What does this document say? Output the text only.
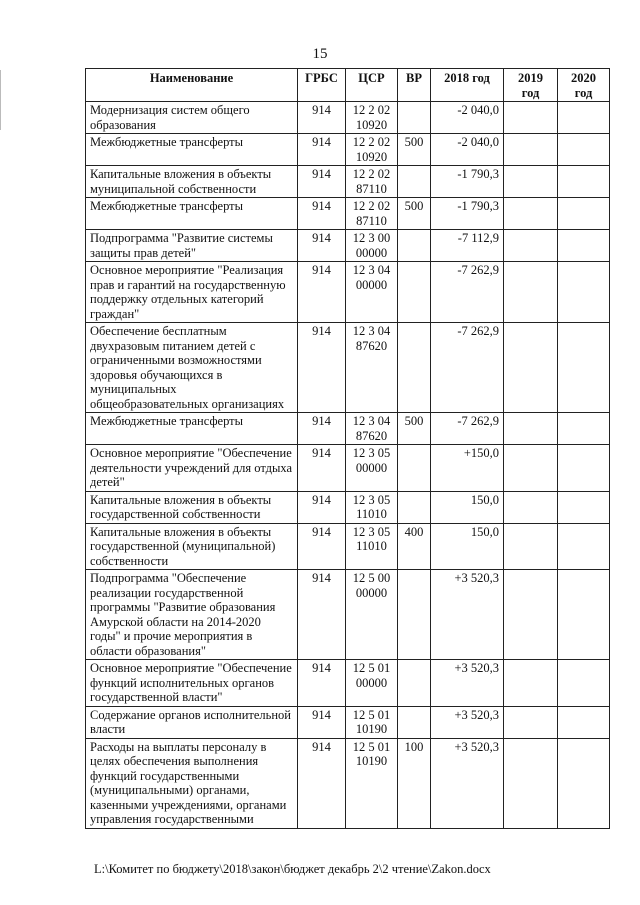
15
Наименование	ГРБС	ЦСР	ВР	2018 год	2019 год	2020 год
Модернизация систем общего образования	914	12 2 02 10920		-2 040,0		
Межбюджетные трансферты	914	12 2 02 10920	500	-2 040,0		
Капитальные вложения в объекты муниципальной собственности	914	12 2 02 87110		-1 790,3		
Межбюджетные трансферты	914	12 2 02 87110	500	-1 790,3		
Подпрограмма "Развитие системы защиты прав детей"	914	12 3 00 00000		-7 112,9		
Основное мероприятие "Реализация прав и гарантий на государственную поддержку отдельных категорий граждан"	914	12 3 04 00000		-7 262,9		
Обеспечение бесплатным двухразовым питанием детей с ограниченными возможностями здоровья обучающихся в муниципальных общеобразовательных организациях	914	12 3 04 87620		-7 262,9		
Межбюджетные трансферты	914	12 3 04 87620	500	-7 262,9		
Основное мероприятие "Обеспечение деятельности учреждений для отдыха детей"	914	12 3 05 00000		+150,0		
Капитальные вложения в объекты государственной собственности	914	12 3 05 11010		150,0		
Капитальные вложения в объекты государственной (муниципальной) собственности	914	12 3 05 11010	400	150,0		
Подпрограмма "Обеспечение реализации государственной программы "Развитие образования Амурской области на 2014-2020 годы" и прочие мероприятия в области образования"	914	12 5 00 00000		+3 520,3		
Основное мероприятие "Обеспечение функций исполнительных органов государственной власти"	914	12 5 01 00000		+3 520,3		
Содержание органов исполнительной власти	914	12 5 01 10190		+3 520,3		
Расходы на выплаты персоналу в целях обеспечения выполнения функций государственными (муниципальными) органами, казенными учреждениями, органами управления государственными	914	12 5 01 10190	100	+3 520,3		
L:\Комитет по бюджету\2018\закон\бюджет декабрь 2\2 чтение\Zakon.docx
